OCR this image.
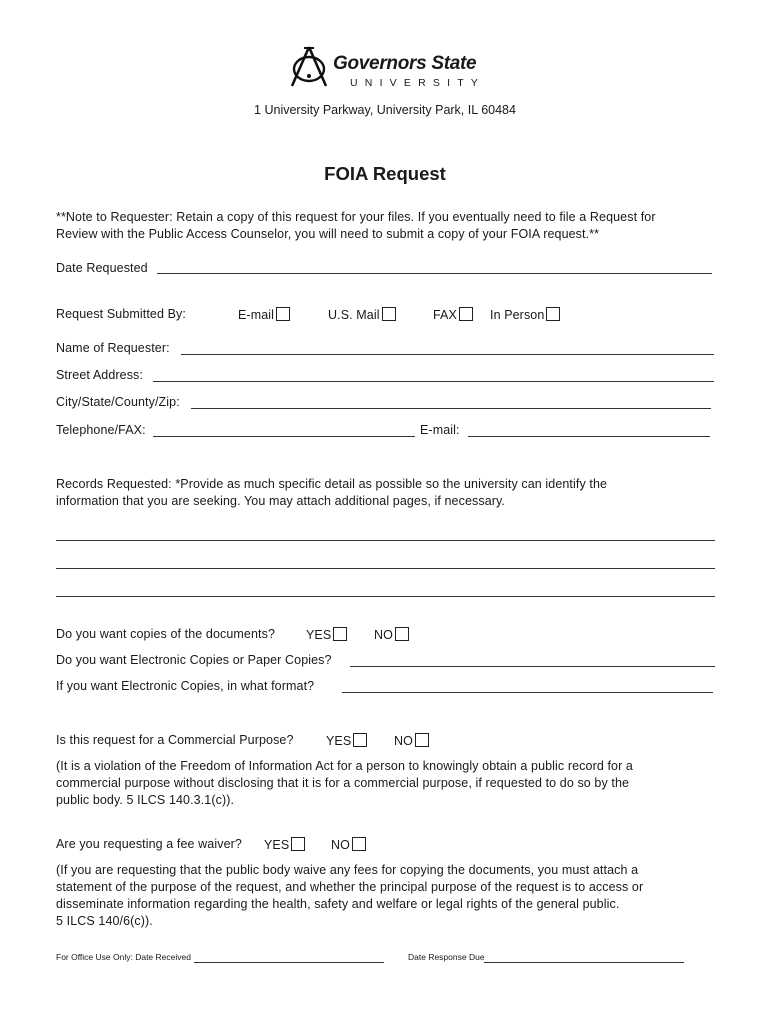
Governors State
UNIVERSITY
1 University Parkway, University Park, IL 60484
FOIA Request

**Note to Requester: Retain a copy of this request for your files. If you eventually need to file a Request for

Review with the Public Access Counselor, you will need to submit a copy of your FOIA request.**

Date Requested
Request Submitted By:	E-mail	U.S. Mail	FAX	In Person
Name of Requester:
Street Address:
City/State/County/Zip:
Telephone/FAX:	E-mail:

Records Requested: *Provide as much specific detail as possible so the university can identify the

information that you are seeking. You may attach additional pages, if necessary.

Do you want copies of the documents? YES	NO
Do you want Electronic Copies or Paper Copies?
If you want Electronic Copies, in what format?
Is this request for a Commercial Purpose?	YES	NO

(It is a violation of the Freedom of Information Act for a person to knowingly obtain a public record for a

commercial purpose without disclosing that it is for a commercial purpose, if requested to do so by the

public body. 5 ILCS 140.3.1(c)).

Are you requesting a fee waiver? YES	NO

(If you are requesting that the public body waive any fees for copying the documents, you must attach a

statement of the purpose of the request, and whether the principal purpose of the request is to access or

disseminate information regarding the health, safety and welfare or legal rights of the general public.

5 ILCS 140/6(c)).

For Office Use Only: Date Received	Date Response Due
